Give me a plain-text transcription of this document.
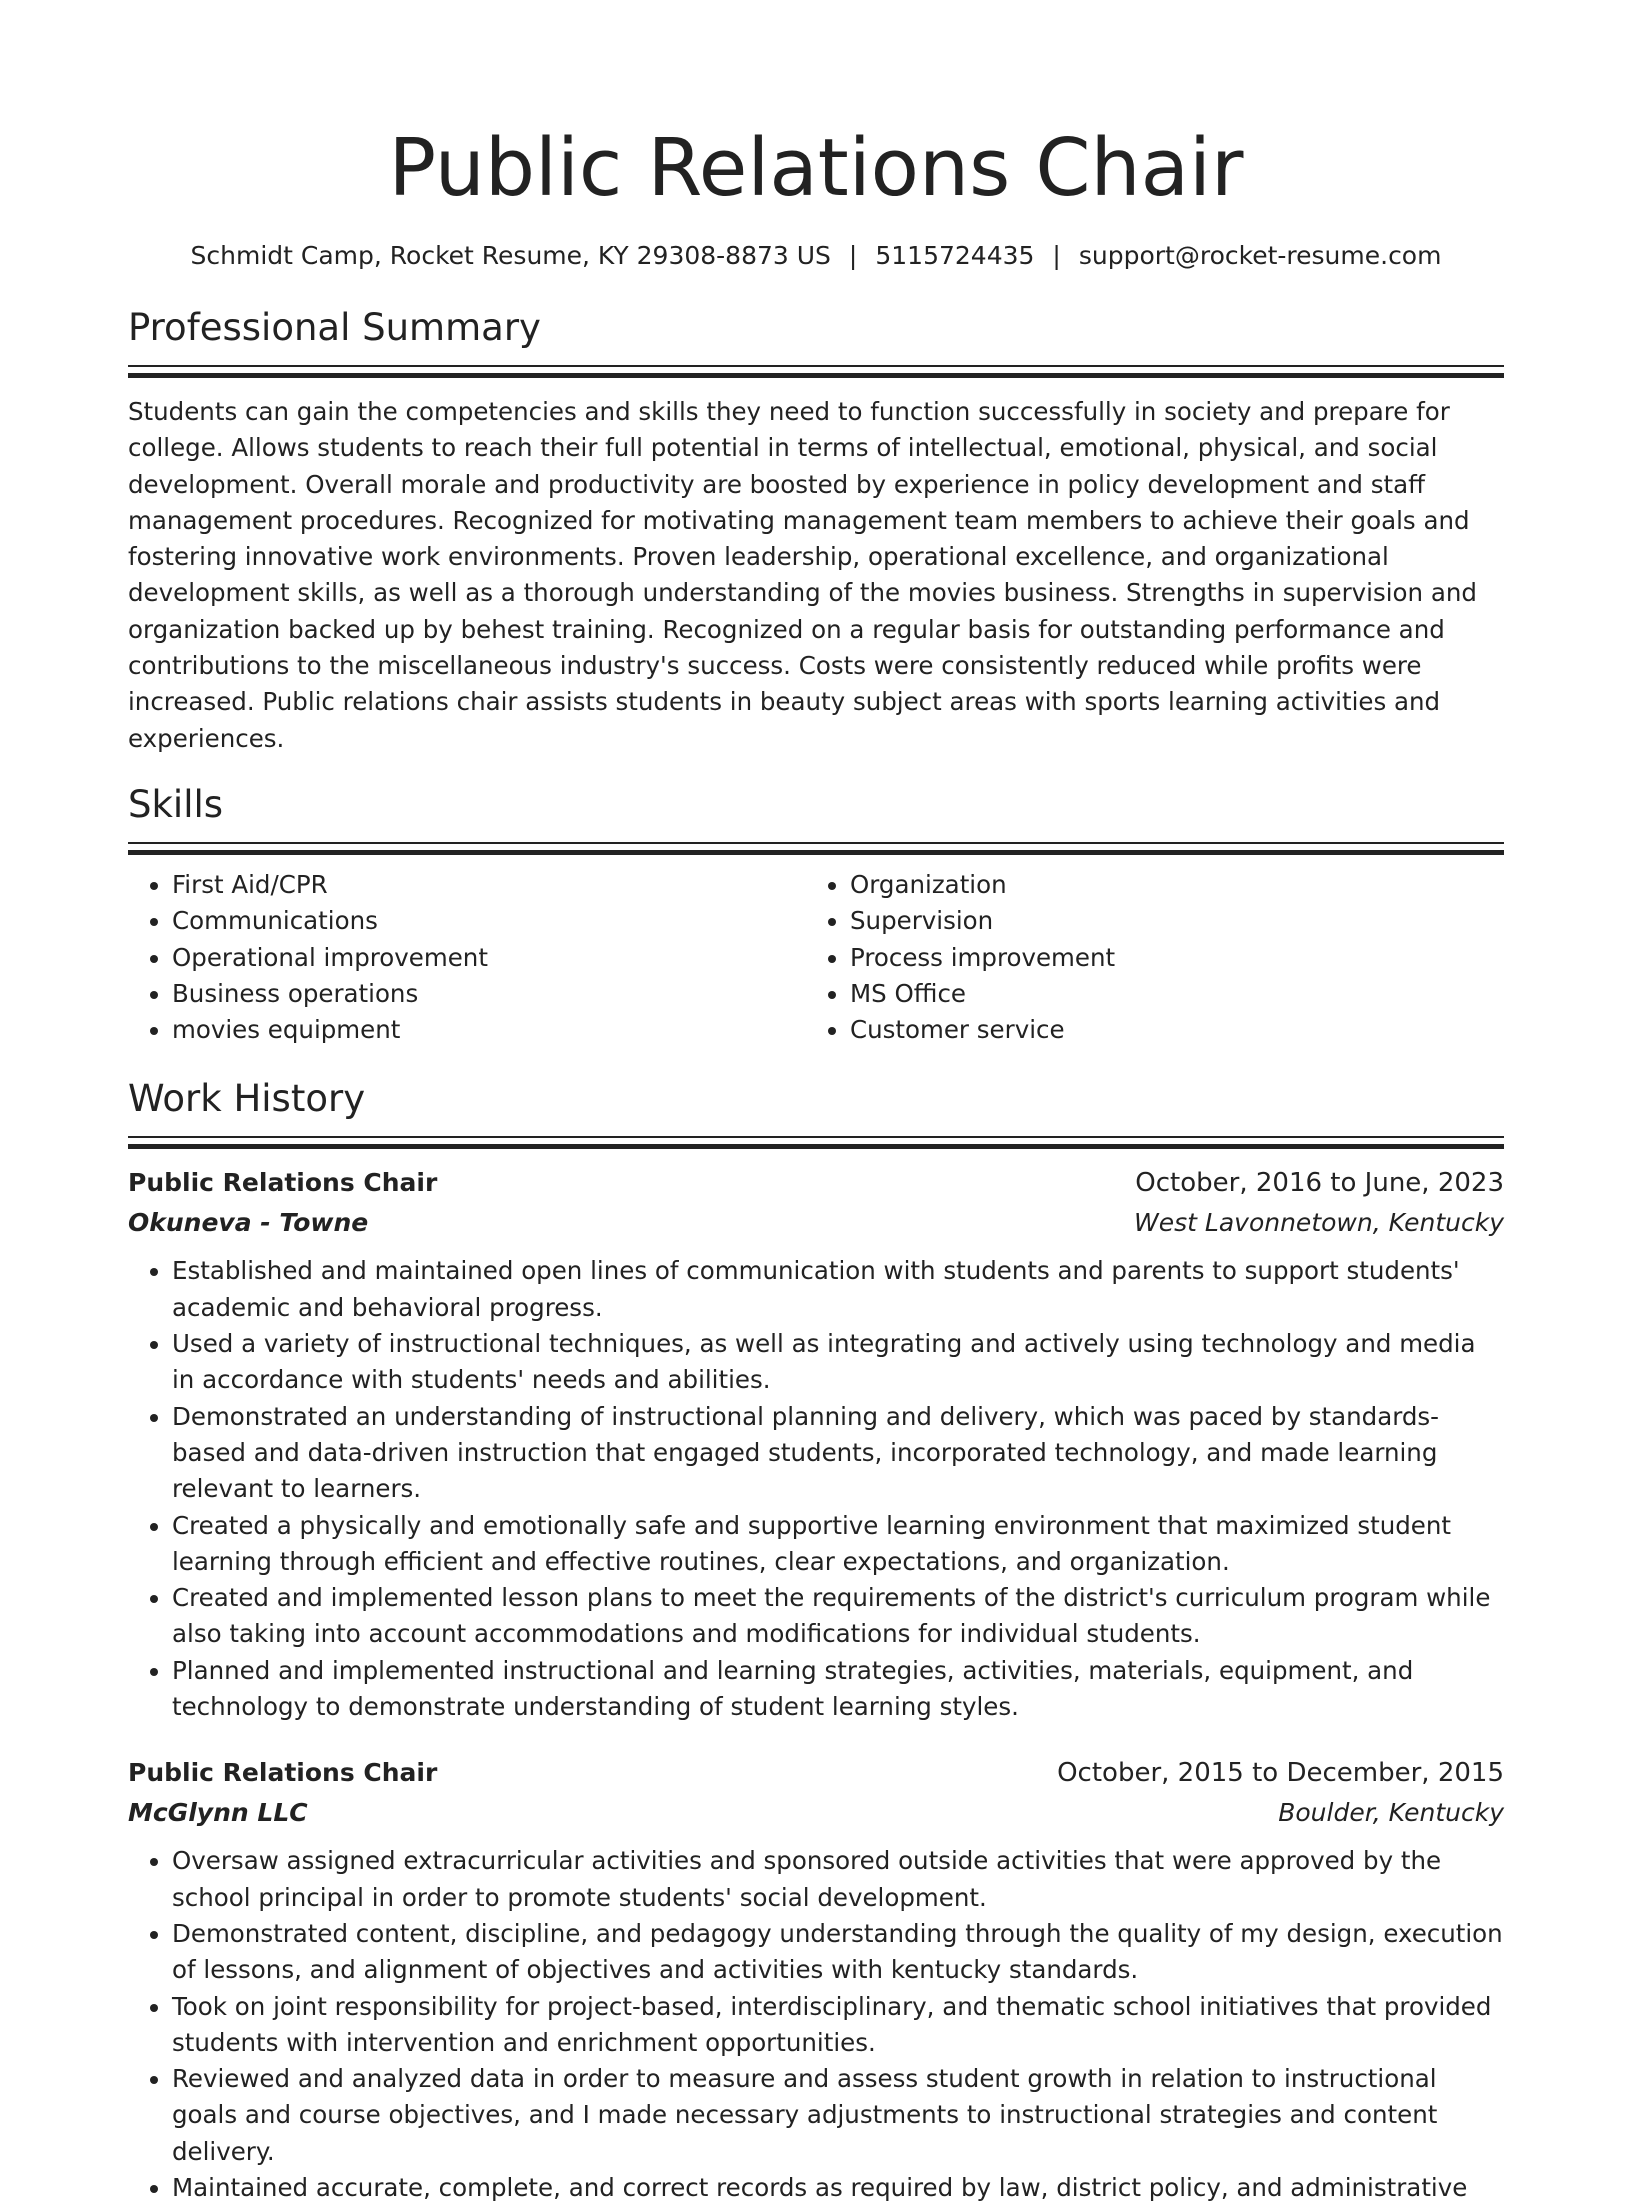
Public Relations Chair
Schmidt Camp, Rocket Resume, KY 29308-8873 US | 5115724435 | support@rocket-resume.com
Professional Summary

Students can gain the competencies and skills they need to function successfully in society and prepare for college. Allows students to reach their full potential in terms of intellectual, emotional, physical, and social development. Overall morale and productivity are boosted by experience in policy development and staff management procedures. Recognized for motivating management team members to achieve their goals and fostering innovative work environments. Proven leadership, operational excellence, and organizational development skills, as well as a thorough understanding of the movies business. Strengths in supervision and organization backed up by behest training. Recognized on a regular basis for outstanding performance and contributions to the miscellaneous industry's success. Costs were consistently reduced while profits were increased. Public relations chair assists students in beauty subject areas with sports learning activities and experiences.

Skills
• First Aid/CPR
• Communications
• Operational improvement
• Business operations
• movies equipment
• Organization
• Supervision
• Process improvement
• MS Office
• Customer service
Work History
Public Relations Chair	October, 2016 to June, 2023
Okuneva - Towne	West Lavonnetown, Kentucky
• Established and maintained open lines of communication with students and parents to support students' academic and behavioral progress.
• Used a variety of instructional techniques, as well as integrating and actively using technology and media in accordance with students' needs and abilities.
• Demonstrated an understanding of instructional planning and delivery, which was paced by standards-based and data-driven instruction that engaged students, incorporated technology, and made learning relevant to learners.
• Created a physically and emotionally safe and supportive learning environment that maximized student learning through efficient and effective routines, clear expectations, and organization.
• Created and implemented lesson plans to meet the requirements of the district's curriculum program while also taking into account accommodations and modifications for individual students.
• Planned and implemented instructional and learning strategies, activities, materials, equipment, and technology to demonstrate understanding of student learning styles.
Public Relations Chair	October, 2015 to December, 2015
McGlynn LLC	Boulder, Kentucky
• Oversaw assigned extracurricular activities and sponsored outside activities that were approved by the school principal in order to promote students' social development.
• Demonstrated content, discipline, and pedagogy understanding through the quality of my design, execution of lessons, and alignment of objectives and activities with kentucky standards.
• Took on joint responsibility for project-based, interdisciplinary, and thematic school initiatives that provided students with intervention and enrichment opportunities.
• Reviewed and analyzed data in order to measure and assess student growth in relation to instructional goals and course objectives, and I made necessary adjustments to instructional strategies and content delivery.
• Maintained accurate, complete, and correct records as required by law, district policy, and administrative
